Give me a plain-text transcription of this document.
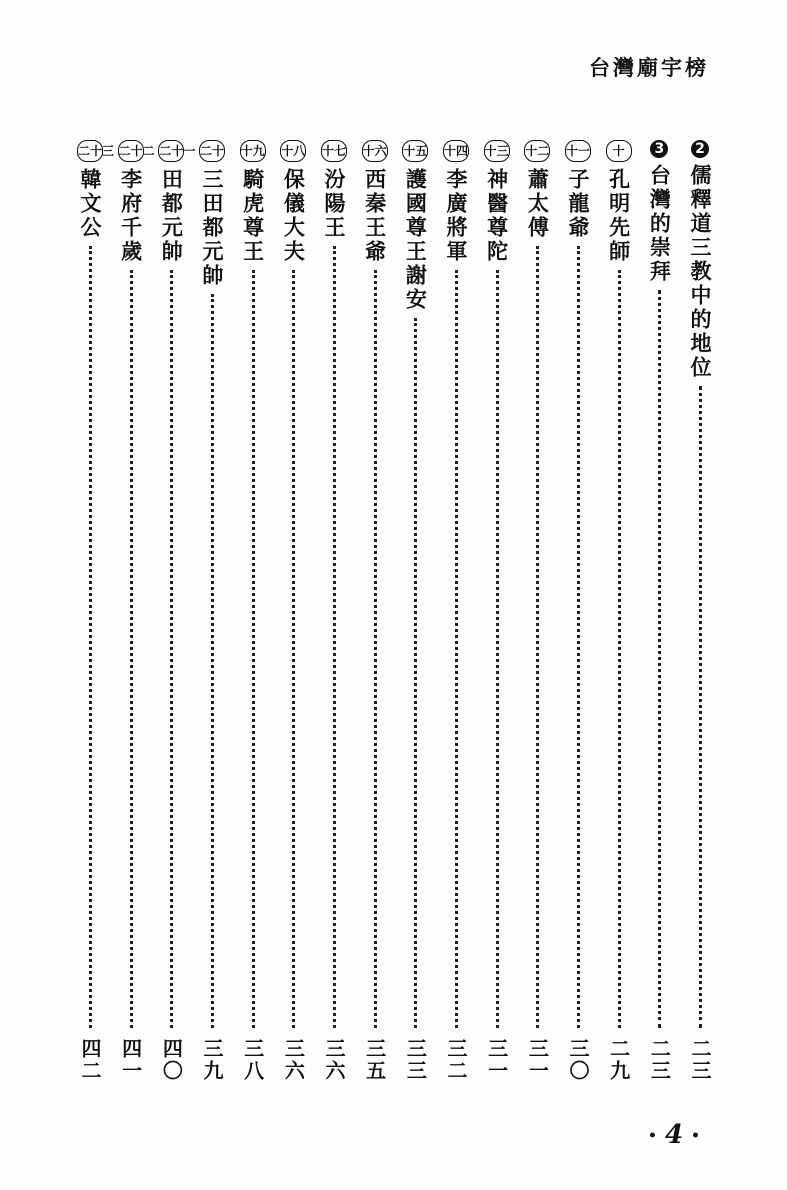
台灣廟宇榜
2
儒釋道三教中的地位
二三
3
台灣的崇拜
二三
十
孔明先師
二九
十一
子龍爺
三〇
十二
蕭太傅
三一
十三
神醫尊陀
三一
十四
李廣將軍
三二
十五
護國尊王謝安
三三
十六
西秦王爺
三五
十七
汾陽王
三六
十八
保儀大夫
三六
十九
騎虎尊王
三八
二十
三田都元帥
三九
二十一
田都元帥
四〇
二十二
李府千歲
四一
二十三
韓文公
四二
• 4 •
